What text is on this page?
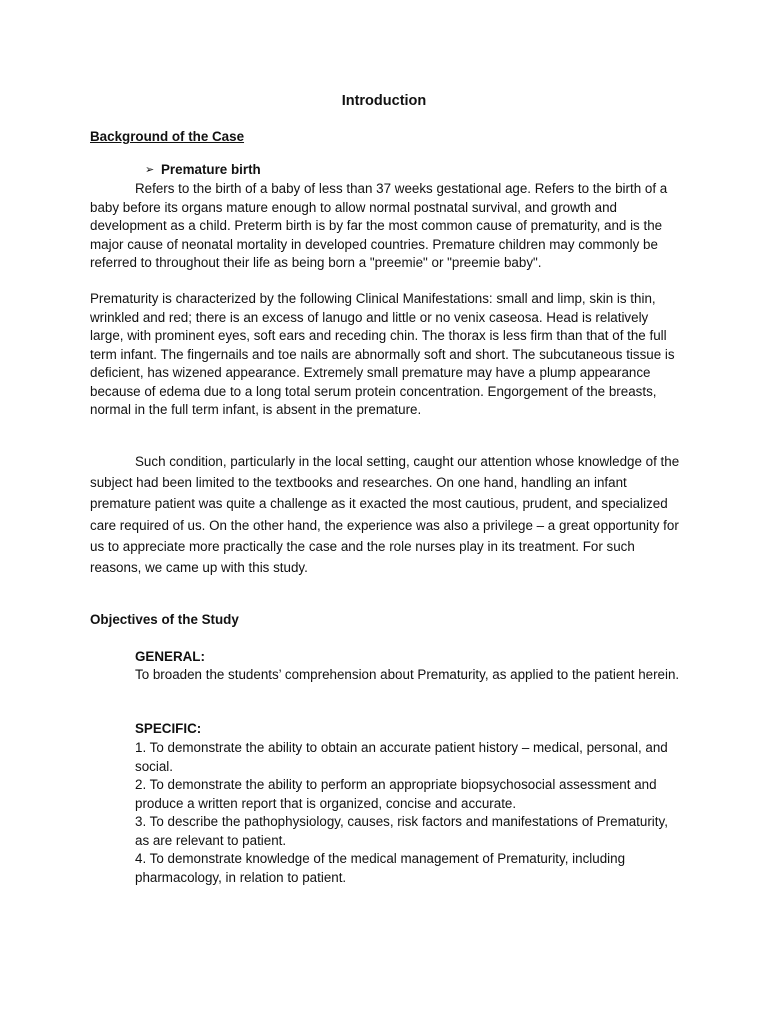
Introduction
Background of the Case
➢ Premature birth

Refers to the birth of a baby of less than 37 weeks gestational age. Refers to the birth of a baby before its organs mature enough to allow normal postnatal survival, and growth and development as a child. Preterm birth is by far the most common cause of prematurity, and is the major cause of neonatal mortality in developed countries. Premature children may commonly be referred to throughout their life as being born a "preemie" or "preemie baby".

Prematurity is characterized by the following Clinical Manifestations: small and limp, skin is thin, wrinkled and red; there is an excess of lanugo and little or no venix caseosa. Head is relatively large, with prominent eyes, soft ears and receding chin. The thorax is less firm than that of the full term infant. The fingernails and toe nails are abnormally soft and short. The subcutaneous tissue is deficient, has wizened appearance. Extremely small premature may have a plump appearance because of edema due to a long total serum protein concentration. Engorgement of the breasts, normal in the full term infant, is absent in the premature.

Such condition, particularly in the local setting, caught our attention whose knowledge of the subject had been limited to the textbooks and researches. On one hand, handling an infant premature patient was quite a challenge as it exacted the most cautious, prudent, and specialized care required of us. On the other hand, the experience was also a privilege – a great opportunity for us to appreciate more practically the case and the role nurses play in its treatment. For such reasons, we came up with this study.

Objectives of the Study
GENERAL:

To broaden the students’ comprehension about Prematurity, as applied to the patient herein.

SPECIFIC:
1. To demonstrate the ability to obtain an accurate patient history – medical, personal, and social.
2. To demonstrate the ability to perform an appropriate biopsychosocial assessment and produce a written report that is organized, concise and accurate.
3. To describe the pathophysiology, causes, risk factors and manifestations of Prematurity, as are relevant to patient.
4. To demonstrate knowledge of the medical management of Prematurity, including pharmacology, in relation to patient.
